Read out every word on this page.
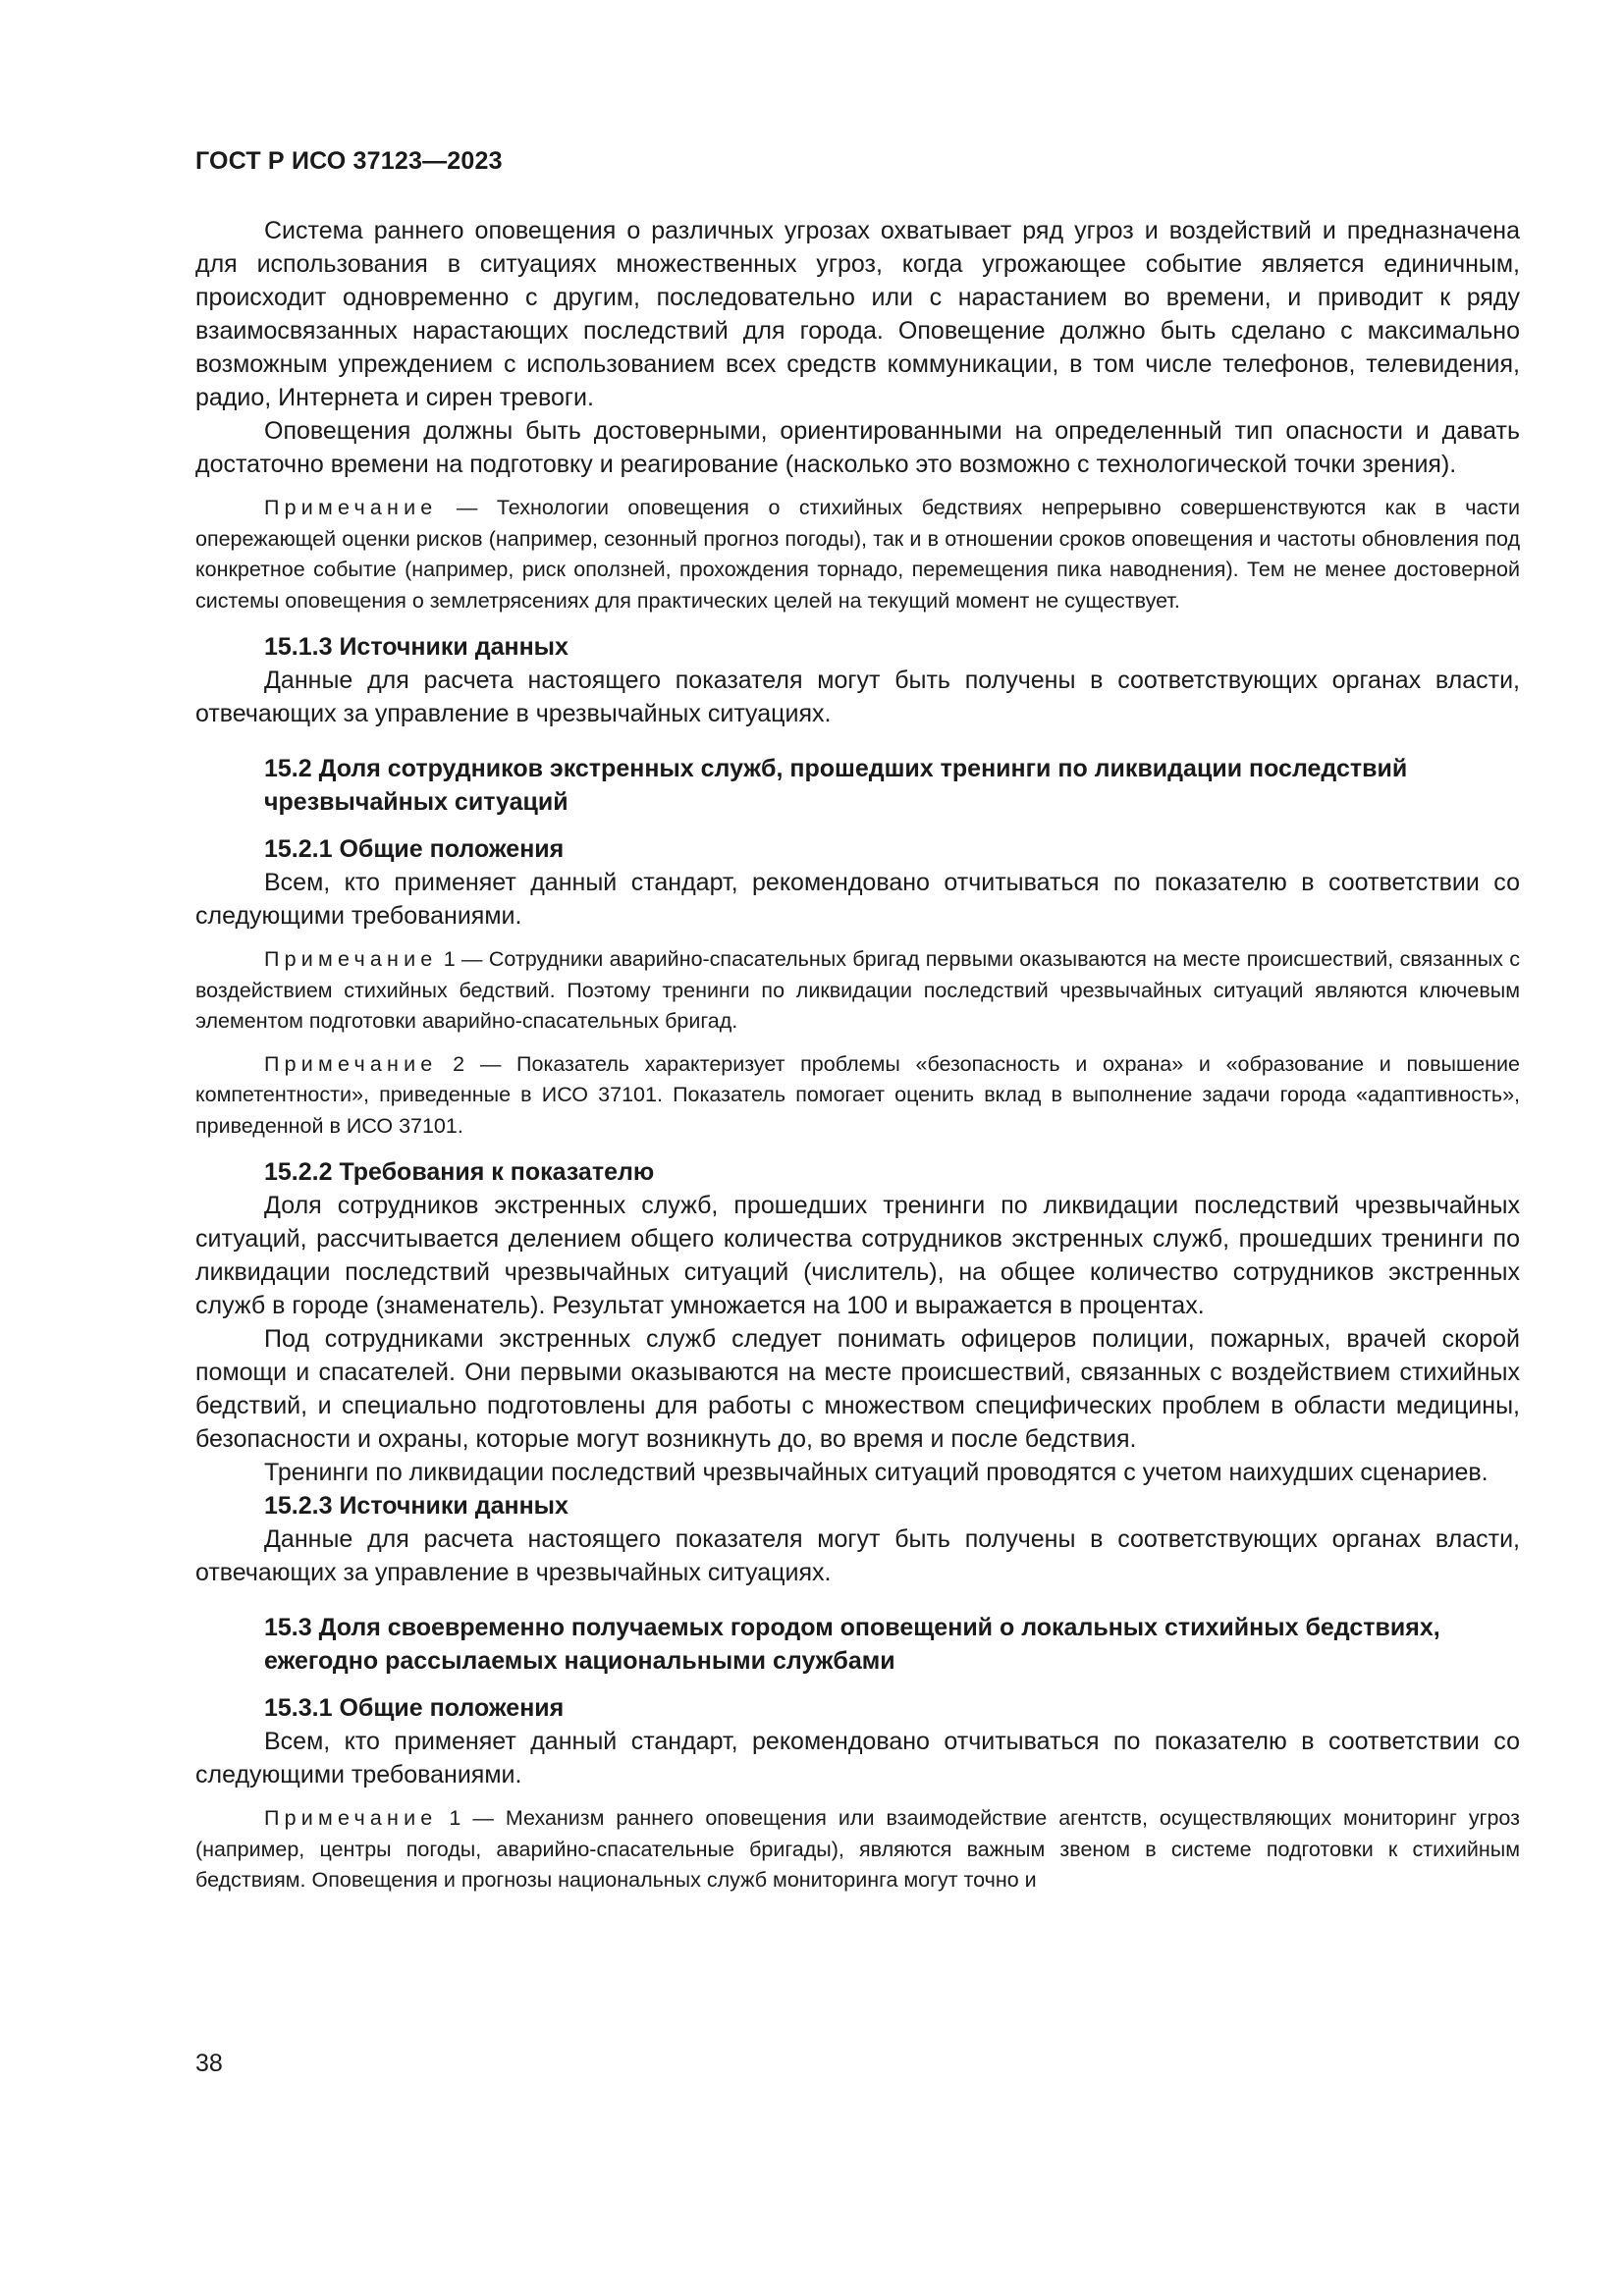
ГОСТ Р ИСО 37123—2023

Система раннего оповещения о различных угрозах охватывает ряд угроз и воздействий и предназначена для использования в ситуациях множественных угроз, когда угрожающее событие является единичным, происходит одновременно с другим, последовательно или с нарастанием во времени, и приводит к ряду взаимосвязанных нарастающих последствий для города. Оповещение должно быть сделано с максимально возможным упреждением с использованием всех средств коммуникации, в том числе телефонов, телевидения, радио, Интернета и сирен тревоги.

Оповещения должны быть достоверными, ориентированными на определенный тип опасности и давать достаточно времени на подготовку и реагирование (насколько это возможно с технологической точки зрения).

Примечание — Технологии оповещения о стихийных бедствиях непрерывно совершенствуются как в части опережающей оценки рисков (например, сезонный прогноз погоды), так и в отношении сроков оповещения и частоты обновления под конкретное событие (например, риск оползней, прохождения торнадо, перемещения пика наводнения). Тем не менее достоверной системы оповещения о землетрясениях для практических целей на текущий момент не существует.

15.1.3 Источники данных

Данные для расчета настоящего показателя могут быть получены в соответствующих органах власти, отвечающих за управление в чрезвычайных ситуациях.

15.2 Доля сотрудников экстренных служб, прошедших тренинги по ликвидации последствий чрезвычайных ситуаций
15.2.1 Общие положения

Всем, кто применяет данный стандарт, рекомендовано отчитываться по показателю в соответствии со следующими требованиями.

Примечание 1 — Сотрудники аварийно-спасательных бригад первыми оказываются на месте происшествий, связанных с воздействием стихийных бедствий. Поэтому тренинги по ликвидации последствий чрезвычайных ситуаций являются ключевым элементом подготовки аварийно-спасательных бригад.

Примечание 2 — Показатель характеризует проблемы «безопасность и охрана» и «образование и повышение компетентности», приведенные в ИСО 37101. Показатель помогает оценить вклад в выполнение задачи города «адаптивность», приведенной в ИСО 37101.

15.2.2 Требования к показателю

Доля сотрудников экстренных служб, прошедших тренинги по ликвидации последствий чрезвычайных ситуаций, рассчитывается делением общего количества сотрудников экстренных служб, прошедших тренинги по ликвидации последствий чрезвычайных ситуаций (числитель), на общее количество сотрудников экстренных служб в городе (знаменатель). Результат умножается на 100 и выражается в процентах.

Под сотрудниками экстренных служб следует понимать офицеров полиции, пожарных, врачей скорой помощи и спасателей. Они первыми оказываются на месте происшествий, связанных с воздействием стихийных бедствий, и специально подготовлены для работы с множеством специфических проблем в области медицины, безопасности и охраны, которые могут возникнуть до, во время и после бедствия.

Тренинги по ликвидации последствий чрезвычайных ситуаций проводятся с учетом наихудших сценариев.

15.2.3 Источники данных

Данные для расчета настоящего показателя могут быть получены в соответствующих органах власти, отвечающих за управление в чрезвычайных ситуациях.

15.3 Доля своевременно получаемых городом оповещений о локальных стихийных бедствиях, ежегодно рассылаемых национальными службами
15.3.1 Общие положения

Всем, кто применяет данный стандарт, рекомендовано отчитываться по показателю в соответствии со следующими требованиями.

Примечание 1 — Механизм раннего оповещения или взаимодействие агентств, осуществляющих мониторинг угроз (например, центры погоды, аварийно-спасательные бригады), являются важным звеном в системе подготовки к стихийным бедствиям. Оповещения и прогнозы национальных служб мониторинга могут точно и

38
